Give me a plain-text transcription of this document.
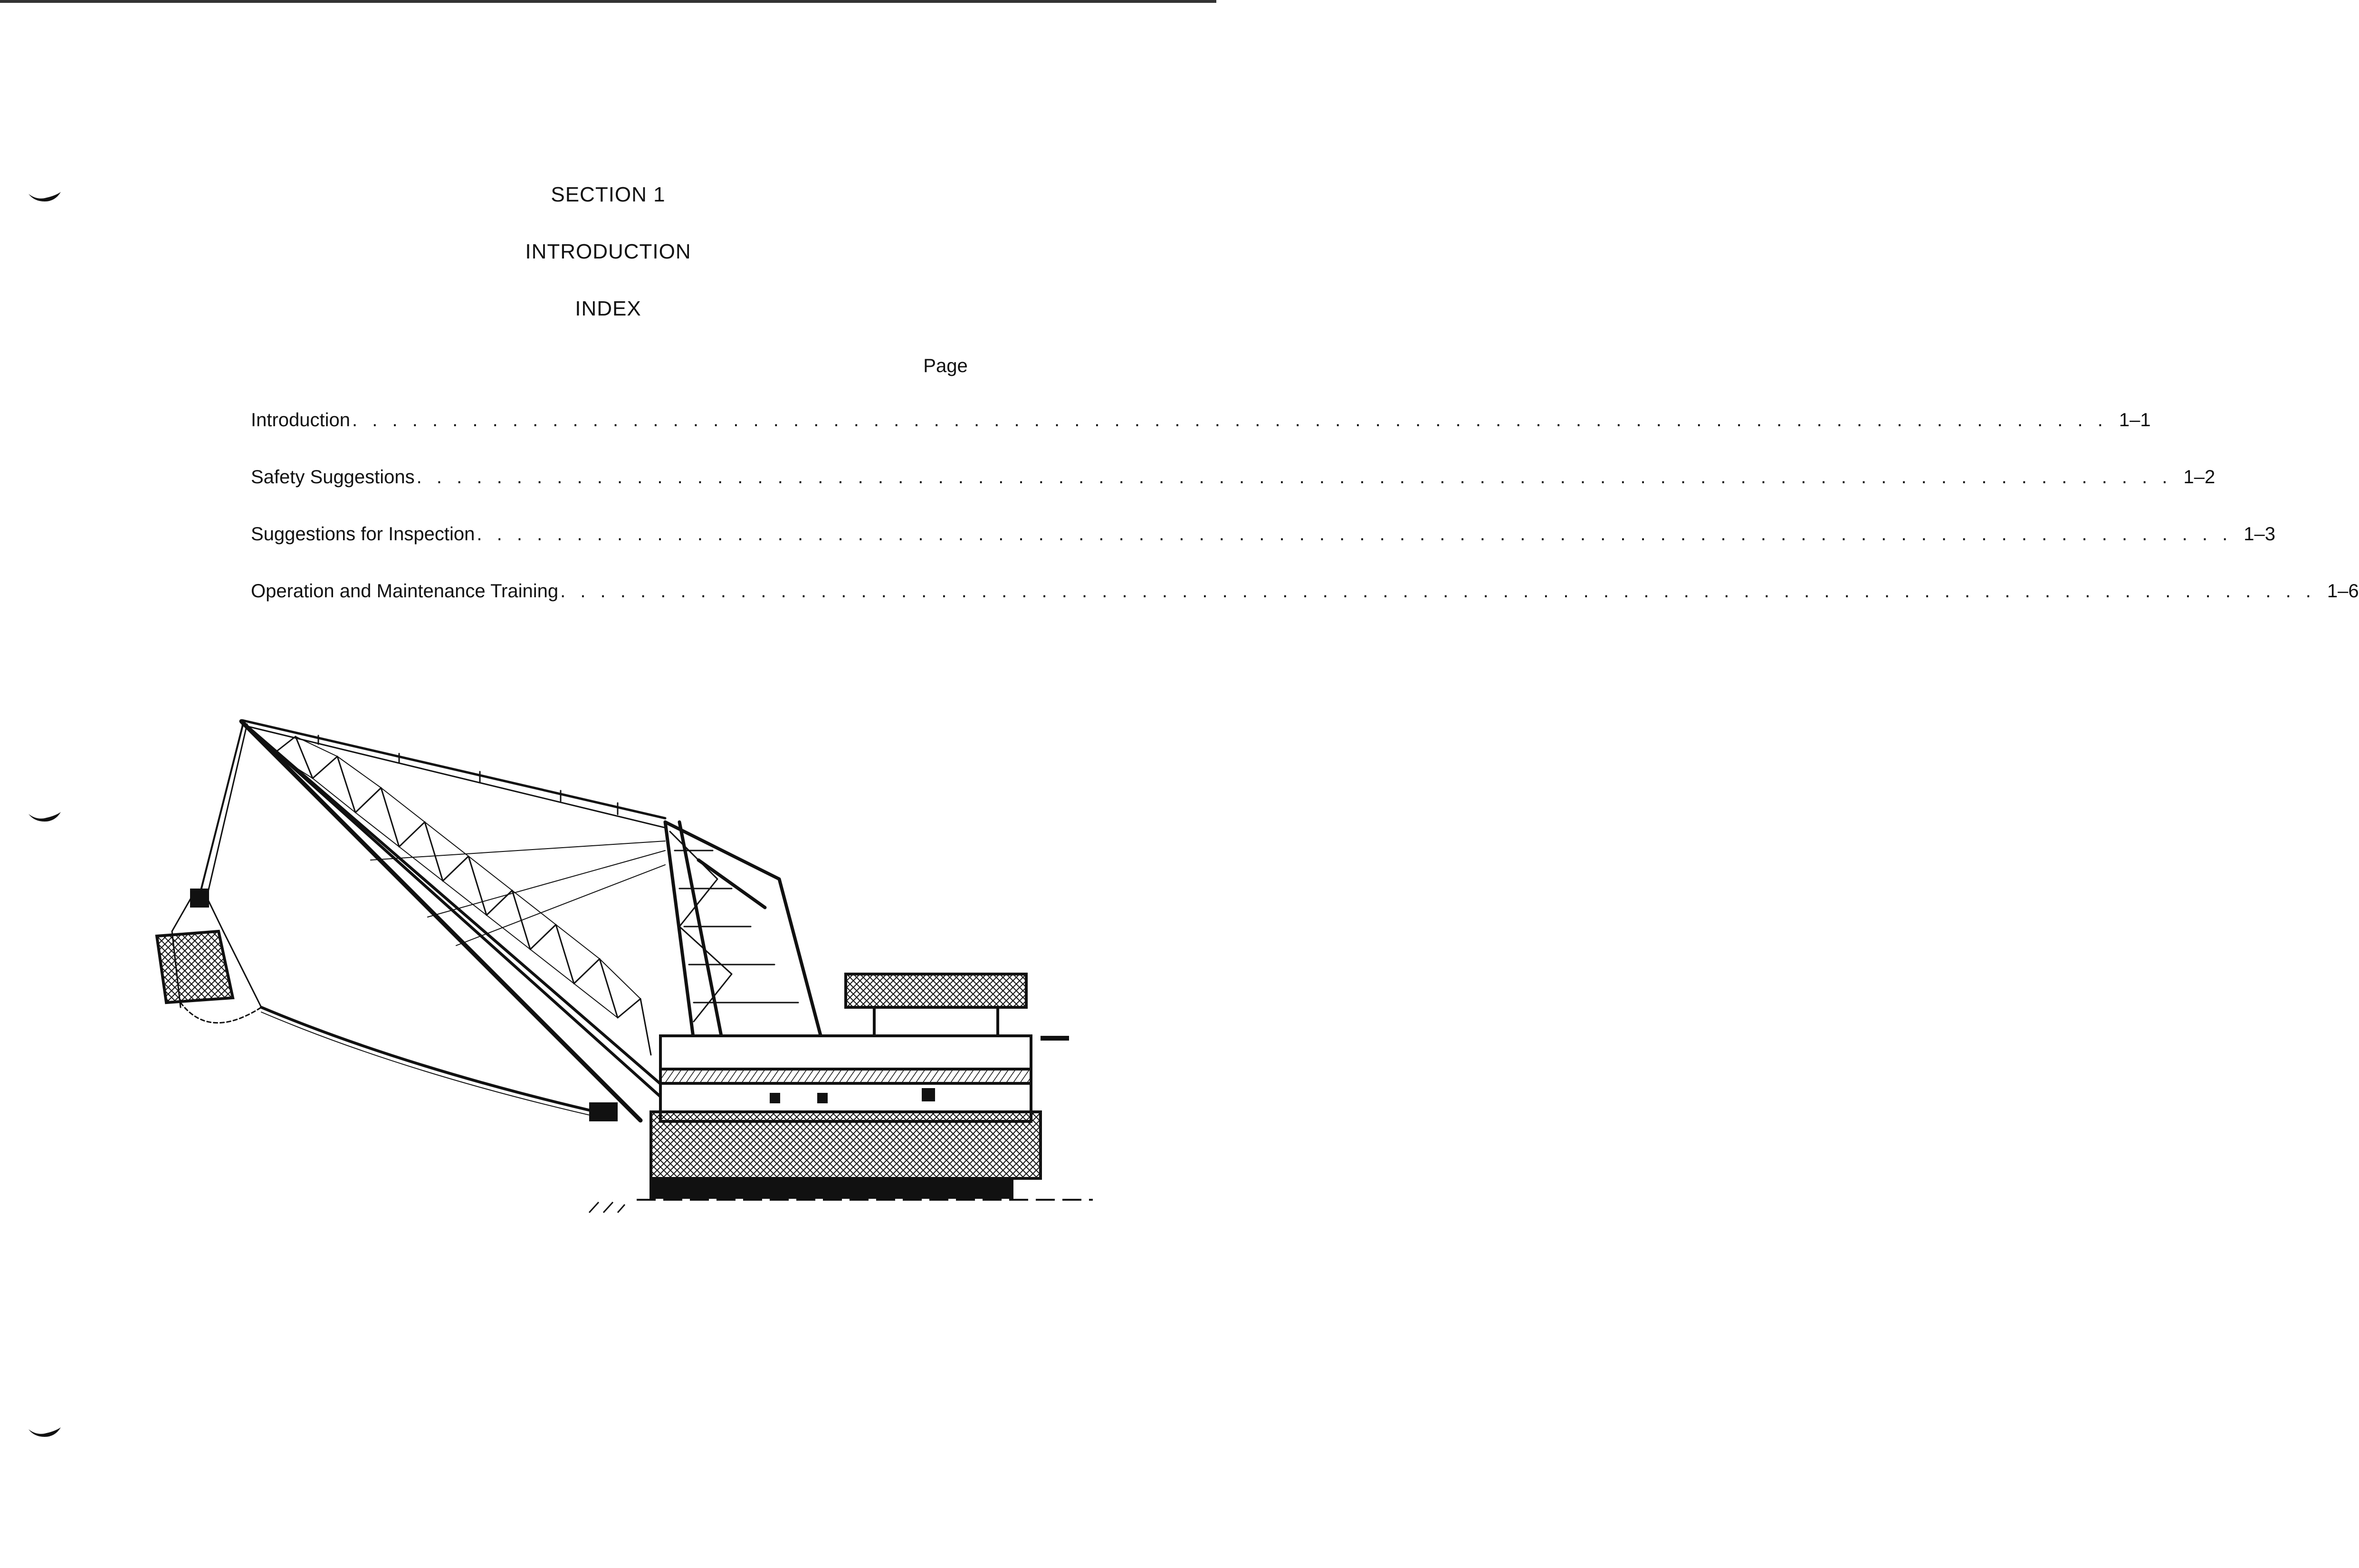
SECTION 1
INTRODUCTION
INDEX
Page
Introduction . . . . . . . . . . . . . . . . . . . . . . . . . . . . . . . . . . . . . . . . . . . . . . . . . . . . . . . . . . . . . . . . . . . . . . . . . . . . . . . . . . . . . . . . 1–1
Safety Suggestions . . . . . . . . . . . . . . . . . . . . . . . . . . . . . . . . . . . . . . . . . . . . . . . . . . . . . . . . . . . . . . . . . . . . . . . . . . . . . . . . . . . . . . . . 1–2
Suggestions for Inspection . . . . . . . . . . . . . . . . . . . . . . . . . . . . . . . . . . . . . . . . . . . . . . . . . . . . . . . . . . . . . . . . . . . . . . . . . . . . . . . . . . . . . . . . 1–3
Operation and Maintenance Training . . . . . . . . . . . . . . . . . . . . . . . . . . . . . . . . . . . . . . . . . . . . . . . . . . . . . . . . . . . . . . . . . . . . . . . . . . . . . . . . . . . . . . . . 1–6
